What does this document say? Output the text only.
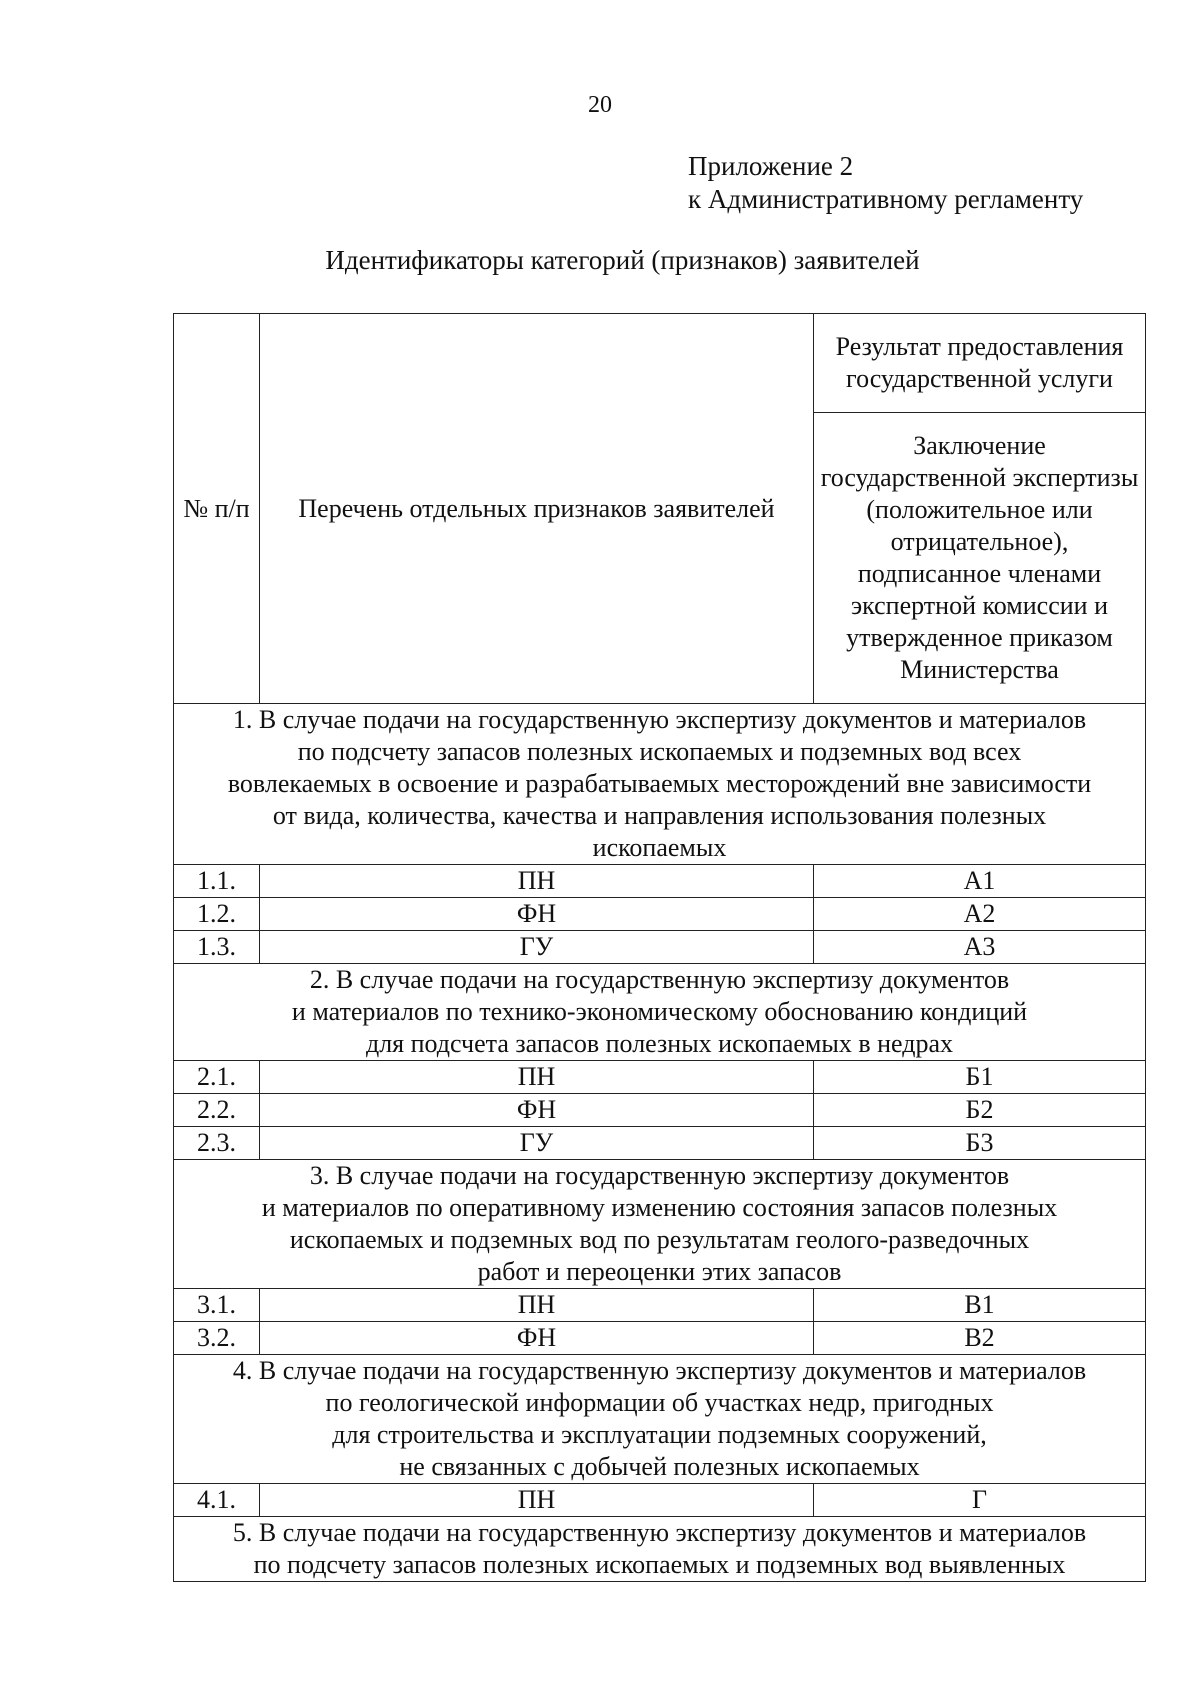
20
Приложение 2
к Административному регламенту
Идентификаторы категорий (признаков) заявителей
№ п/п	Перечень отдельных признаков заявителей	Результат предоставления государственной услуги
		Заключение государственной экспертизы (положительное или отрицательное), подписанное членами экспертной комиссии и утвержденное приказом Министерства

1. В случае подачи на государственную экспертизу документов и материалов
по подсчету запасов полезных ископаемых и подземных вод всех
вовлекаемых в освоение и разрабатываемых месторождений вне зависимости
от вида, количества, качества и направления использования полезных
ископаемых		

1.1.	ПН	А1
1.2.	ФН	А2
1.3.	ГУ	А3

2. В случае подачи на государственную экспертизу документов
и материалов по технико-экономическому обоснованию кондиций
для подсчета запасов полезных ископаемых в недрах		

2.1.	ПН	Б1
2.2.	ФН	Б2
2.3.	ГУ	Б3

3. В случае подачи на государственную экспертизу документов
и материалов по оперативному изменению состояния запасов полезных
ископаемых и подземных вод по результатам геолого-разведочных
работ и переоценки этих запасов		

3.1.	ПН	В1
3.2.	ФН	В2

4. В случае подачи на государственную экспертизу документов и материалов
по геологической информации об участках недр, пригодных
для строительства и эксплуатации подземных сооружений,
не связанных с добычей полезных ископаемых		

4.1.	ПН	Г

5. В случае подачи на государственную экспертизу документов и материалов
по подсчету запасов полезных ископаемых и подземных вод выявленных		
